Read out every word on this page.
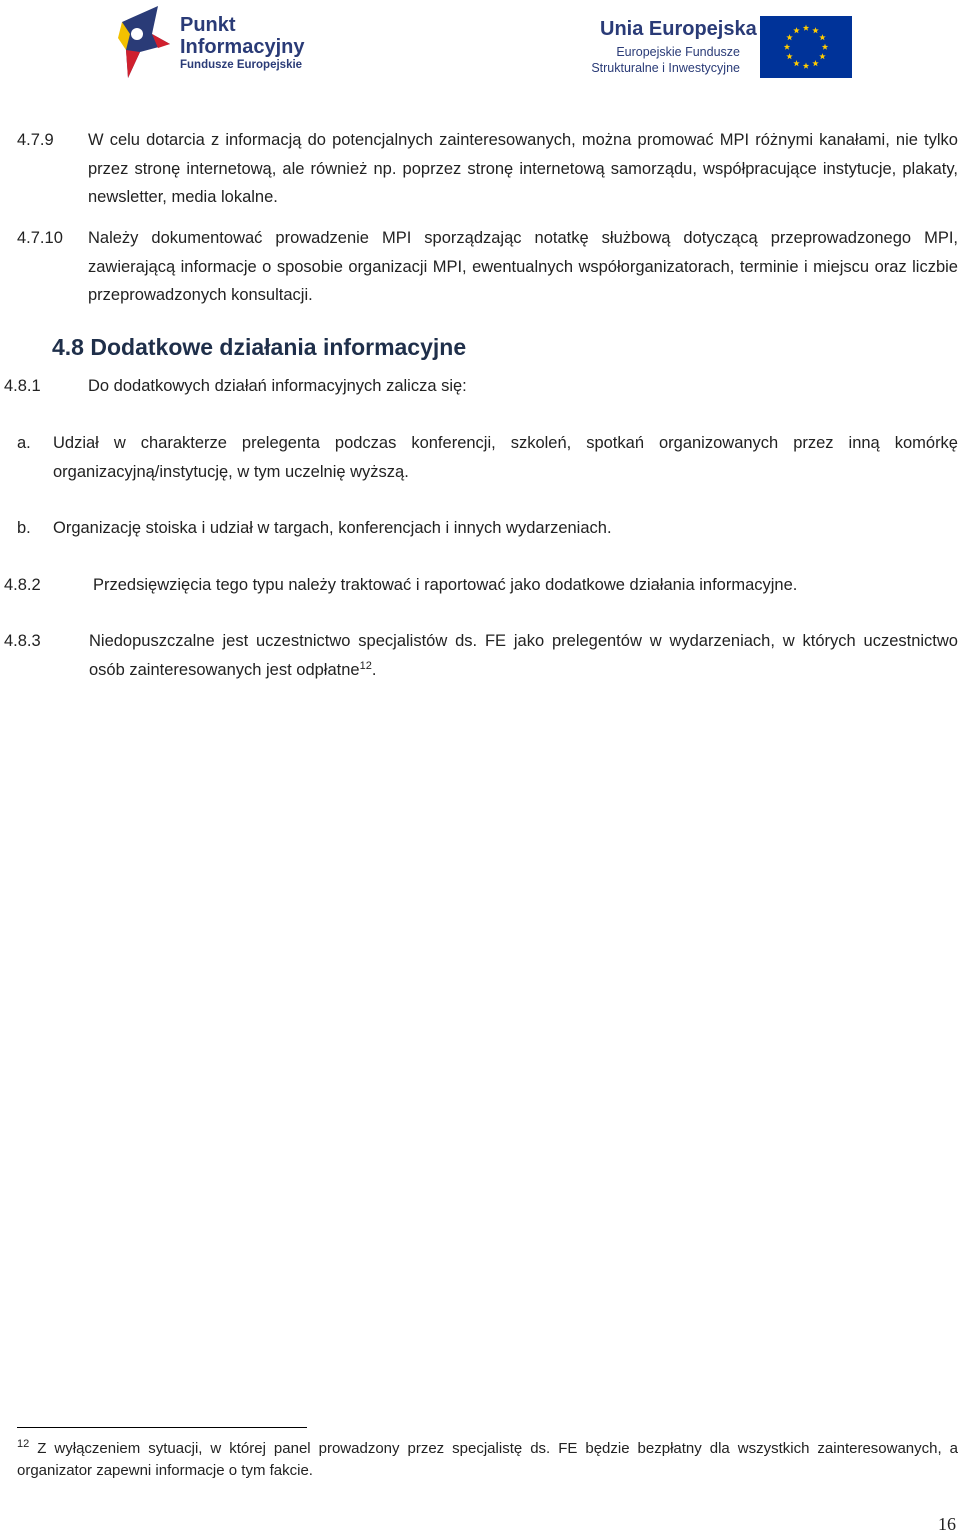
Punkt
Informacyjny
Fundusze Europejskie
Unia Europejska
Europejskie Fundusze
Strukturalne i Inwestycyjne
4.7.9 W celu dotarcia z informacją do potencjalnych zainteresowanych, można promować MPI różnymi kanałami, nie tylko przez stronę internetową, ale również np. poprzez stronę internetową samorządu, współpracujące instytucje, plakaty, newsletter, media lokalne.
4.7.10 Należy dokumentować prowadzenie MPI sporządzając notatkę służbową dotyczącą przeprowadzonego MPI, zawierającą informacje o sposobie organizacji MPI, ewentualnych współorganizatorach, terminie i miejscu oraz liczbie przeprowadzonych konsultacji.
4.8 Dodatkowe działania informacyjne
4.8.1	Do dodatkowych działań informacyjnych zalicza się:
a. Udział w charakterze prelegenta podczas konferencji, szkoleń, spotkań organizowanych przez inną komórkę organizacyjną/instytucję, w tym uczelnię wyższą.
b. Organizację stoiska i udział w targach, konferencjach i innych wydarzeniach.
4.8.2	Przedsięwzięcia tego typu należy traktować i raportować jako dodatkowe działania informacyjne.
4.8.3	Niedopuszczalne jest uczestnictwo specjalistów ds. FE jako prelegentów w wydarzeniach, w których uczestnictwo osób zainteresowanych jest odpłatne$^{12}$.
$^{12}$ Z wyłączeniem sytuacji, w której panel prowadzony przez specjalistę ds. FE będzie bezpłatny dla wszystkich zainteresowanych, a organizator zapewni informacje o tym fakcie.
16
